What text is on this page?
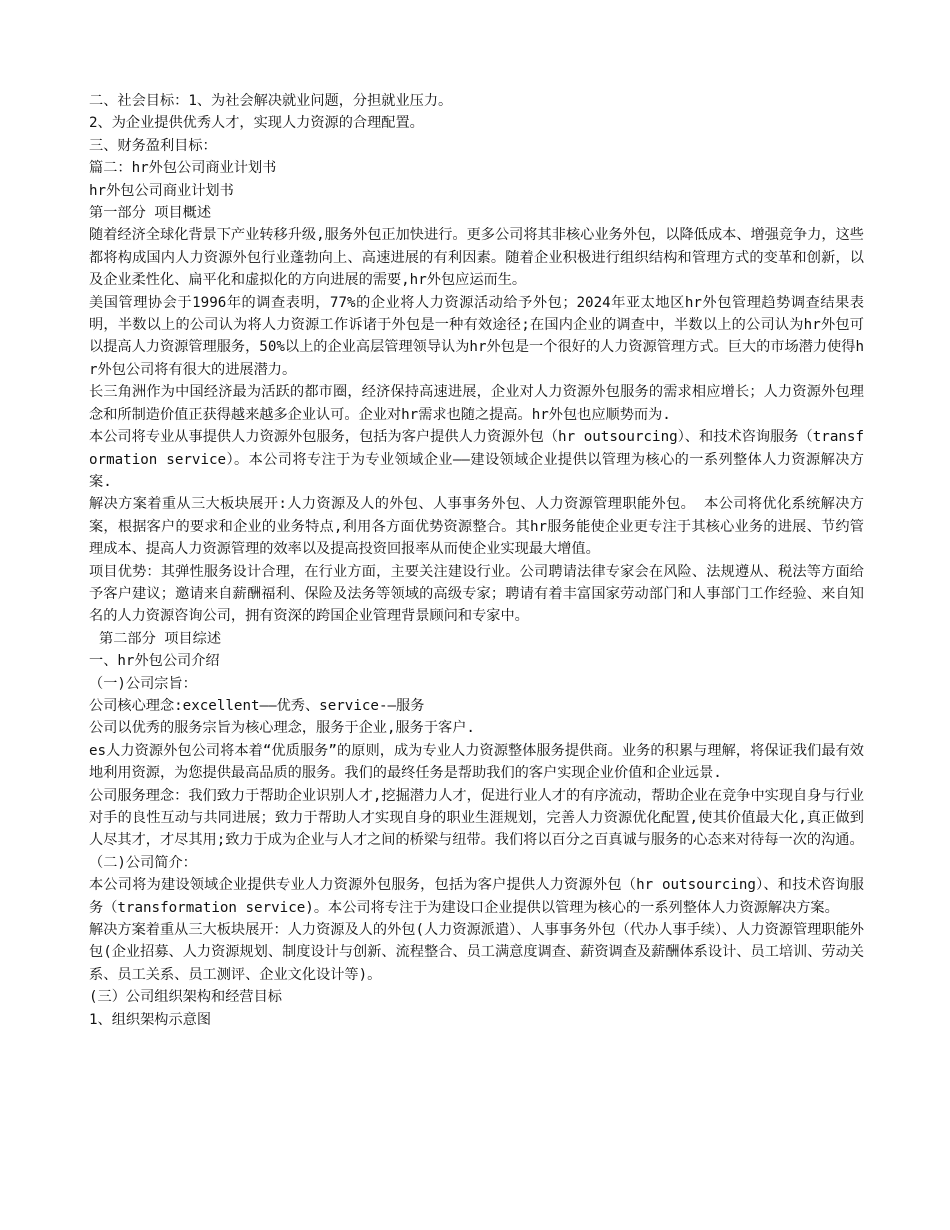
二、社会目标：1、为社会解决就业问题，分担就业压力。

2、为企业提供优秀人才，实现人力资源的合理配置。

三、财务盈利目标：

篇二：hr外包公司商业计划书

hr外包公司商业计划书

第一部分 项目概述

随着经济全球化背景下产业转移升级,服务外包正加快进行。更多公司将其非核心业务外包，以降低成本、增强竞争力，这些都将构成国内人力资源外包行业蓬勃向上、高速进展的有利因素。随着企业积极进行组织结构和管理方式的变革和创新，以及企业柔性化、扁平化和虚拟化的方向进展的需要,hr外包应运而生。

美国管理协会于1996年的调查表明，77%的企业将人力资源活动给予外包；2024年亚太地区hr外包管理趋势调查结果表明，半数以上的公司认为将人力资源工作诉诸于外包是一种有效途径;在国内企业的调查中，半数以上的公司认为hr外包可以提高人力资源管理服务，50%以上的企业高层管理领导认为hr外包是一个很好的人力资源管理方式。巨大的市场潜力使得hr外包公司将有很大的进展潜力。

长三角洲作为中国经济最为活跃的都市圈，经济保持高速进展，企业对人力资源外包服务的需求相应增长；人力资源外包理念和所制造价值正获得越来越多企业认可。企业对hr需求也随之提高。hr外包也应顺势而为.

本公司将专业从事提供人力资源外包服务，包括为客户提供人力资源外包（hr outsourcing）、和技术咨询服务（transformation service）。本公司将专注于为专业领域企业——建设领域企业提供以管理为核心的一系列整体人力资源解决方案.

解决方案着重从三大板块展开:人力资源及人的外包、人事事务外包、人力资源管理职能外包。 本公司将优化系统解决方案，根据客户的要求和企业的业务特点,利用各方面优势资源整合。其hr服务能使企业更专注于其核心业务的进展、节约管理成本、提高人力资源管理的效率以及提高投资回报率从而使企业实现最大增值。

项目优势：其弹性服务设计合理，在行业方面，主要关注建设行业。公司聘请法律专家会在风险、法规遵从、税法等方面给予客户建议；邀请来自薪酬福利、保险及法务等领域的高级专家；聘请有着丰富国家劳动部门和人事部门工作经验、来自知名的人力资源咨询公司，拥有资深的跨国企业管理背景顾问和专家中。

第二部分 项目综述

一、hr外包公司介绍

（一)公司宗旨：

公司核心理念:excellent——优秀、service-—服务

公司以优秀的服务宗旨为核心理念，服务于企业,服务于客户.

es人力资源外包公司将本着“优质服务”的原则，成为专业人力资源整体服务提供商。业务的积累与理解，将保证我们最有效地利用资源，为您提供最高品质的服务。我们的最终任务是帮助我们的客户实现企业价值和企业远景.

公司服务理念：我们致力于帮助企业识别人才,挖掘潜力人才，促进行业人才的有序流动，帮助企业在竞争中实现自身与行业对手的良性互动与共同进展；致力于帮助人才实现自身的职业生涯规划，完善人力资源优化配置,使其价值最大化,真正做到人尽其才，才尽其用;致力于成为企业与人才之间的桥梁与纽带。我们将以百分之百真诚与服务的心态来对待每一次的沟通。

（二)公司简介：

本公司将为建设领域企业提供专业人力资源外包服务，包括为客户提供人力资源外包（hr outsourcing）、和技术咨询服务（transformation service)。本公司将专注于为建设口企业提供以管理为核心的一系列整体人力资源解决方案。

解决方案着重从三大板块展开：人力资源及人的外包(人力资源派遣）、人事事务外包（代办人事手续）、人力资源管理职能外包(企业招募、人力资源规划、制度设计与创新、流程整合、员工满意度调查、薪资调查及薪酬体系设计、员工培训、劳动关系、员工关系、员工测评、企业文化设计等)。

(三）公司组织架构和经营目标

1、组织架构示意图
